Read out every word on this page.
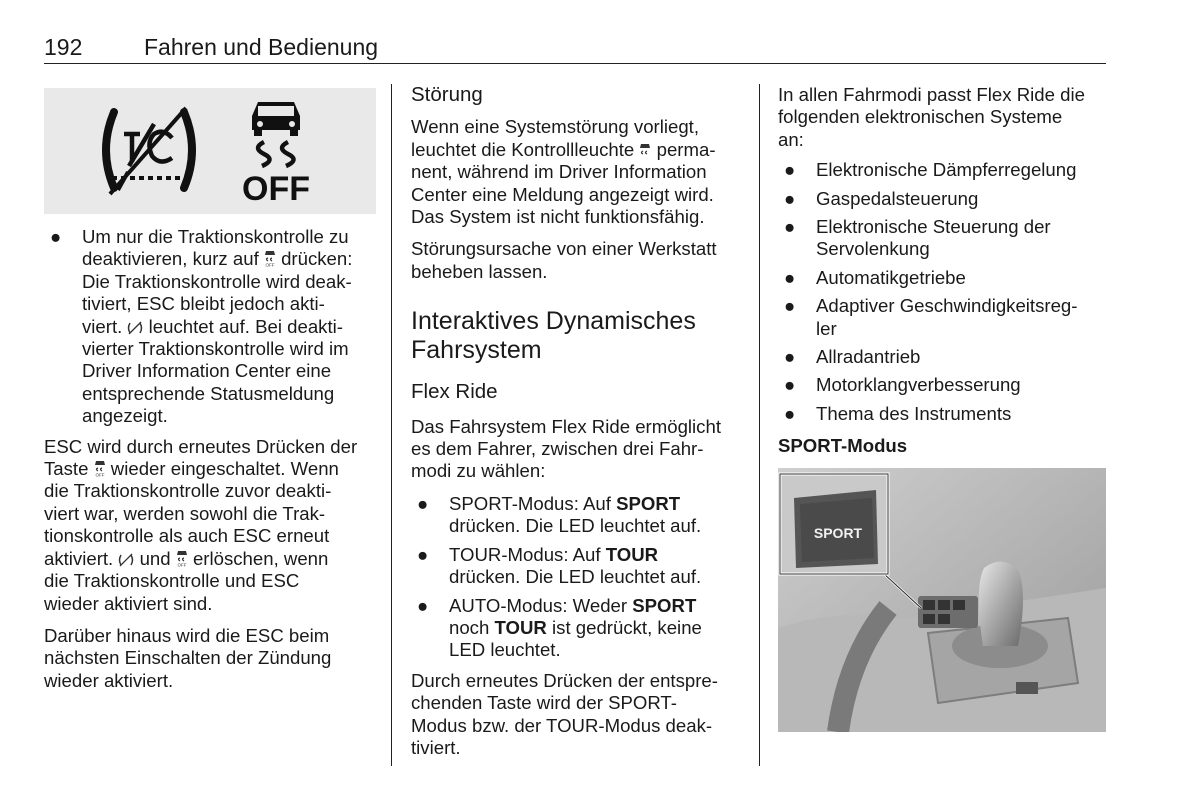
192	Fahren und Bedienung
OFF
● Um nur die Traktionskontrolle zu
deaktivieren, kurz auf OFF drücken:
Die Traktionskontrolle wird deak-
tiviert, ESC bleibt jedoch akti-
viert. leuchtet auf. Bei deakti-
vierter Traktionskontrolle wird im
Driver Information Center eine
entsprechende Statusmeldung
angezeigt.

ESC wird durch erneutes Drücken der
Taste OFF wieder eingeschaltet. Wenn
die Traktionskontrolle zuvor deakti-
viert war, werden sowohl die Trak-
tionskontrolle als auch ESC erneut
aktiviert. und OFF erlöschen, wenn
die Traktionskontrolle und ESC
wieder aktiviert sind.

Darüber hinaus wird die ESC beim
nächsten Einschalten der Zündung
wieder aktiviert.

Störung

Wenn eine Systemstörung vorliegt,
leuchtet die Kontrollleuchte perma-
nent, während im Driver Information
Center eine Meldung angezeigt wird.
Das System ist nicht funktionsfähig.

Störungsursache von einer Werkstatt
beheben lassen.

Interaktives Dynamisches
Fahrsystem
Flex Ride

Das Fahrsystem Flex Ride ermöglicht
es dem Fahrer, zwischen drei Fahr-
modi zu wählen:

● SPORT-Modus: Auf SPORT
drücken. Die LED leuchtet auf.
● TOUR-Modus: Auf TOUR
drücken. Die LED leuchtet auf.
● AUTO-Modus: Weder SPORT
noch TOUR ist gedrückt, keine
LED leuchtet.

Durch erneutes Drücken der entspre-
chenden Taste wird der SPORT-
Modus bzw. der TOUR-Modus deak-
tiviert.

In allen Fahrmodi passt Flex Ride die
folgenden elektronischen Systeme
an:

● Elektronische Dämpferregelung
● Gaspedalsteuerung
● Elektronische Steuerung der
Servolenkung
● Automatikgetriebe
● Adaptiver Geschwindigkeitsreg-
ler
● Allradantrieb
● Motorklangverbesserung
● Thema des Instruments
SPORT-Modus
SPORT
